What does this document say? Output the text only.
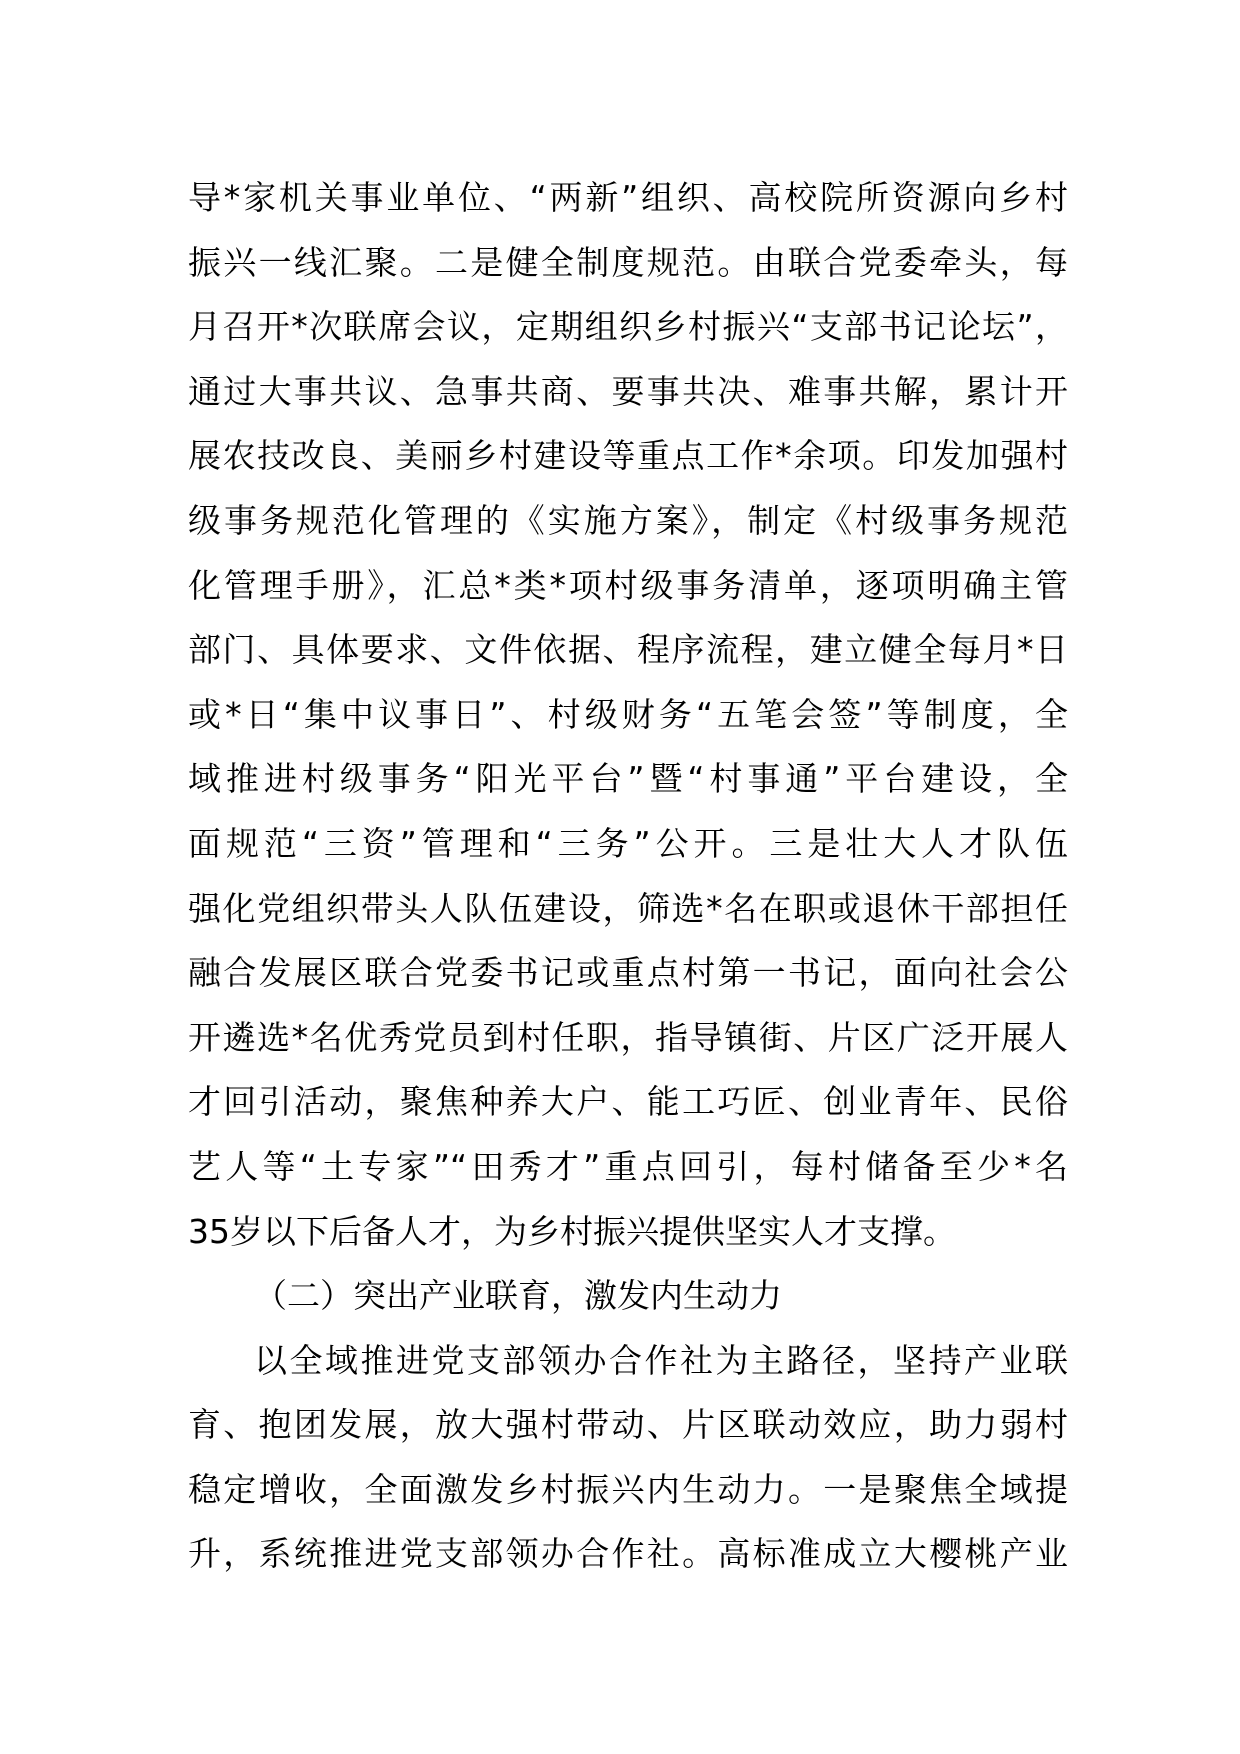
导*家机关事业单位、“两新”组织、高校院所资源向乡村
振兴一线汇聚。二是健全制度规范。由联合党委牵头，每
月召开*次联席会议，定期组织乡村振兴“支部书记论坛”，
通过大事共议、急事共商、要事共决、难事共解，累计开
展农技改良、美丽乡村建设等重点工作*余项。印发加强村
级事务规范化管理的《实施方案》，制定《村级事务规范
化管理手册》，汇总*类*项村级事务清单，逐项明确主管
部门、具体要求、文件依据、程序流程，建立健全每月*日
或*日“集中议事日”、村级财务“五笔会签”等制度，全
域推进村级事务“阳光平台”暨“村事通”平台建设，全
面规范“三资”管理和“三务”公开。三是壮大人才队伍
强化党组织带头人队伍建设，筛选*名在职或退休干部担任
融合发展区联合党委书记或重点村第一书记，面向社会公
开遴选*名优秀党员到村任职，指导镇街、片区广泛开展人
才回引活动，聚焦种养大户、能工巧匠、创业青年、民俗
艺人等“土专家”“田秀才”重点回引，每村储备至少*名
35岁以下后备人才，为乡村振兴提供坚实人才支撑。
（二）突出产业联育，激发内生动力
以全域推进党支部领办合作社为主路径，坚持产业联
育、抱团发展，放大强村带动、片区联动效应，助力弱村
稳定增收，全面激发乡村振兴内生动力。一是聚焦全域提
升，系统推进党支部领办合作社。高标准成立大樱桃产业
